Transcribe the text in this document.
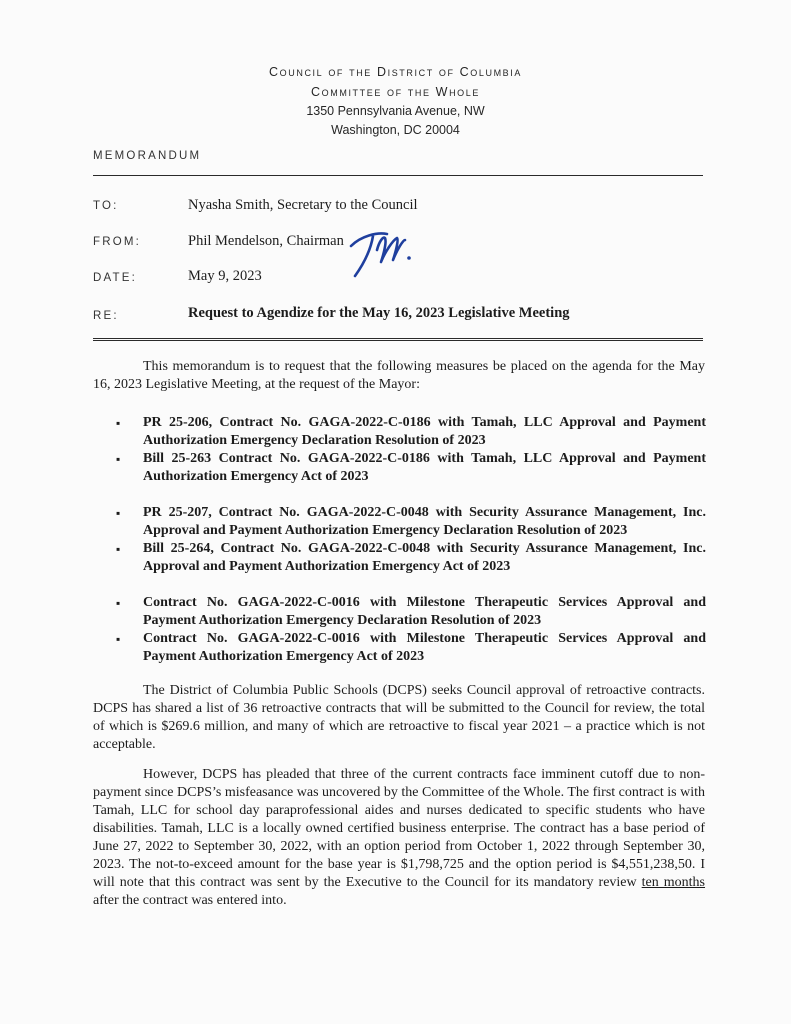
Council of the District of Columbia
Committee of the Whole
1350 Pennsylvania Avenue, NW
Washington, DC 20004
MEMORANDUM
TO:	Nyasha Smith, Secretary to the Council
FROM:	Phil Mendelson, Chairman
DATE:	May 9, 2023
RE:	Request to Agendize for the May 16, 2023 Legislative Meeting

This memorandum is to request that the following measures be placed on the agenda for the May 16, 2023 Legislative Meeting, at the request of the Mayor:

▪ PR 25-206, Contract No. GAGA-2022-C-0186 with Tamah, LLC Approval and Payment Authorization Emergency Declaration Resolution of 2023
▪ Bill 25-263 Contract No. GAGA-2022-C-0186 with Tamah, LLC Approval and Payment Authorization Emergency Act of 2023
▪ PR 25-207, Contract No. GAGA-2022-C-0048 with Security Assurance Management, Inc. Approval and Payment Authorization Emergency Declaration Resolution of 2023
▪ Bill 25-264, Contract No. GAGA-2022-C-0048 with Security Assurance Management, Inc. Approval and Payment Authorization Emergency Act of 2023
▪ Contract No. GAGA-2022-C-0016 with Milestone Therapeutic Services Approval and Payment Authorization Emergency Declaration Resolution of 2023
▪ Contract No. GAGA-2022-C-0016 with Milestone Therapeutic Services Approval and Payment Authorization Emergency Act of 2023

The District of Columbia Public Schools (DCPS) seeks Council approval of retroactive contracts. DCPS has shared a list of 36 retroactive contracts that will be submitted to the Council for review, the total of which is $269.6 million, and many of which are retroactive to fiscal year 2021 – a practice which is not acceptable.

However, DCPS has pleaded that three of the current contracts face imminent cutoff due to non-payment since DCPS’s misfeasance was uncovered by the Committee of the Whole. The first contract is with Tamah, LLC for school day paraprofessional aides and nurses dedicated to specific students who have disabilities. Tamah, LLC is a locally owned certified business enterprise. The contract has a base period of June 27, 2022 to September 30, 2022, with an option period from October 1, 2022 through September 30, 2023. The not-to-exceed amount for the base year is $1,798,725 and the option period is $4,551,238,50. I will note that this contract was sent by the Executive to the Council for its mandatory review ten months after the contract was entered into.
